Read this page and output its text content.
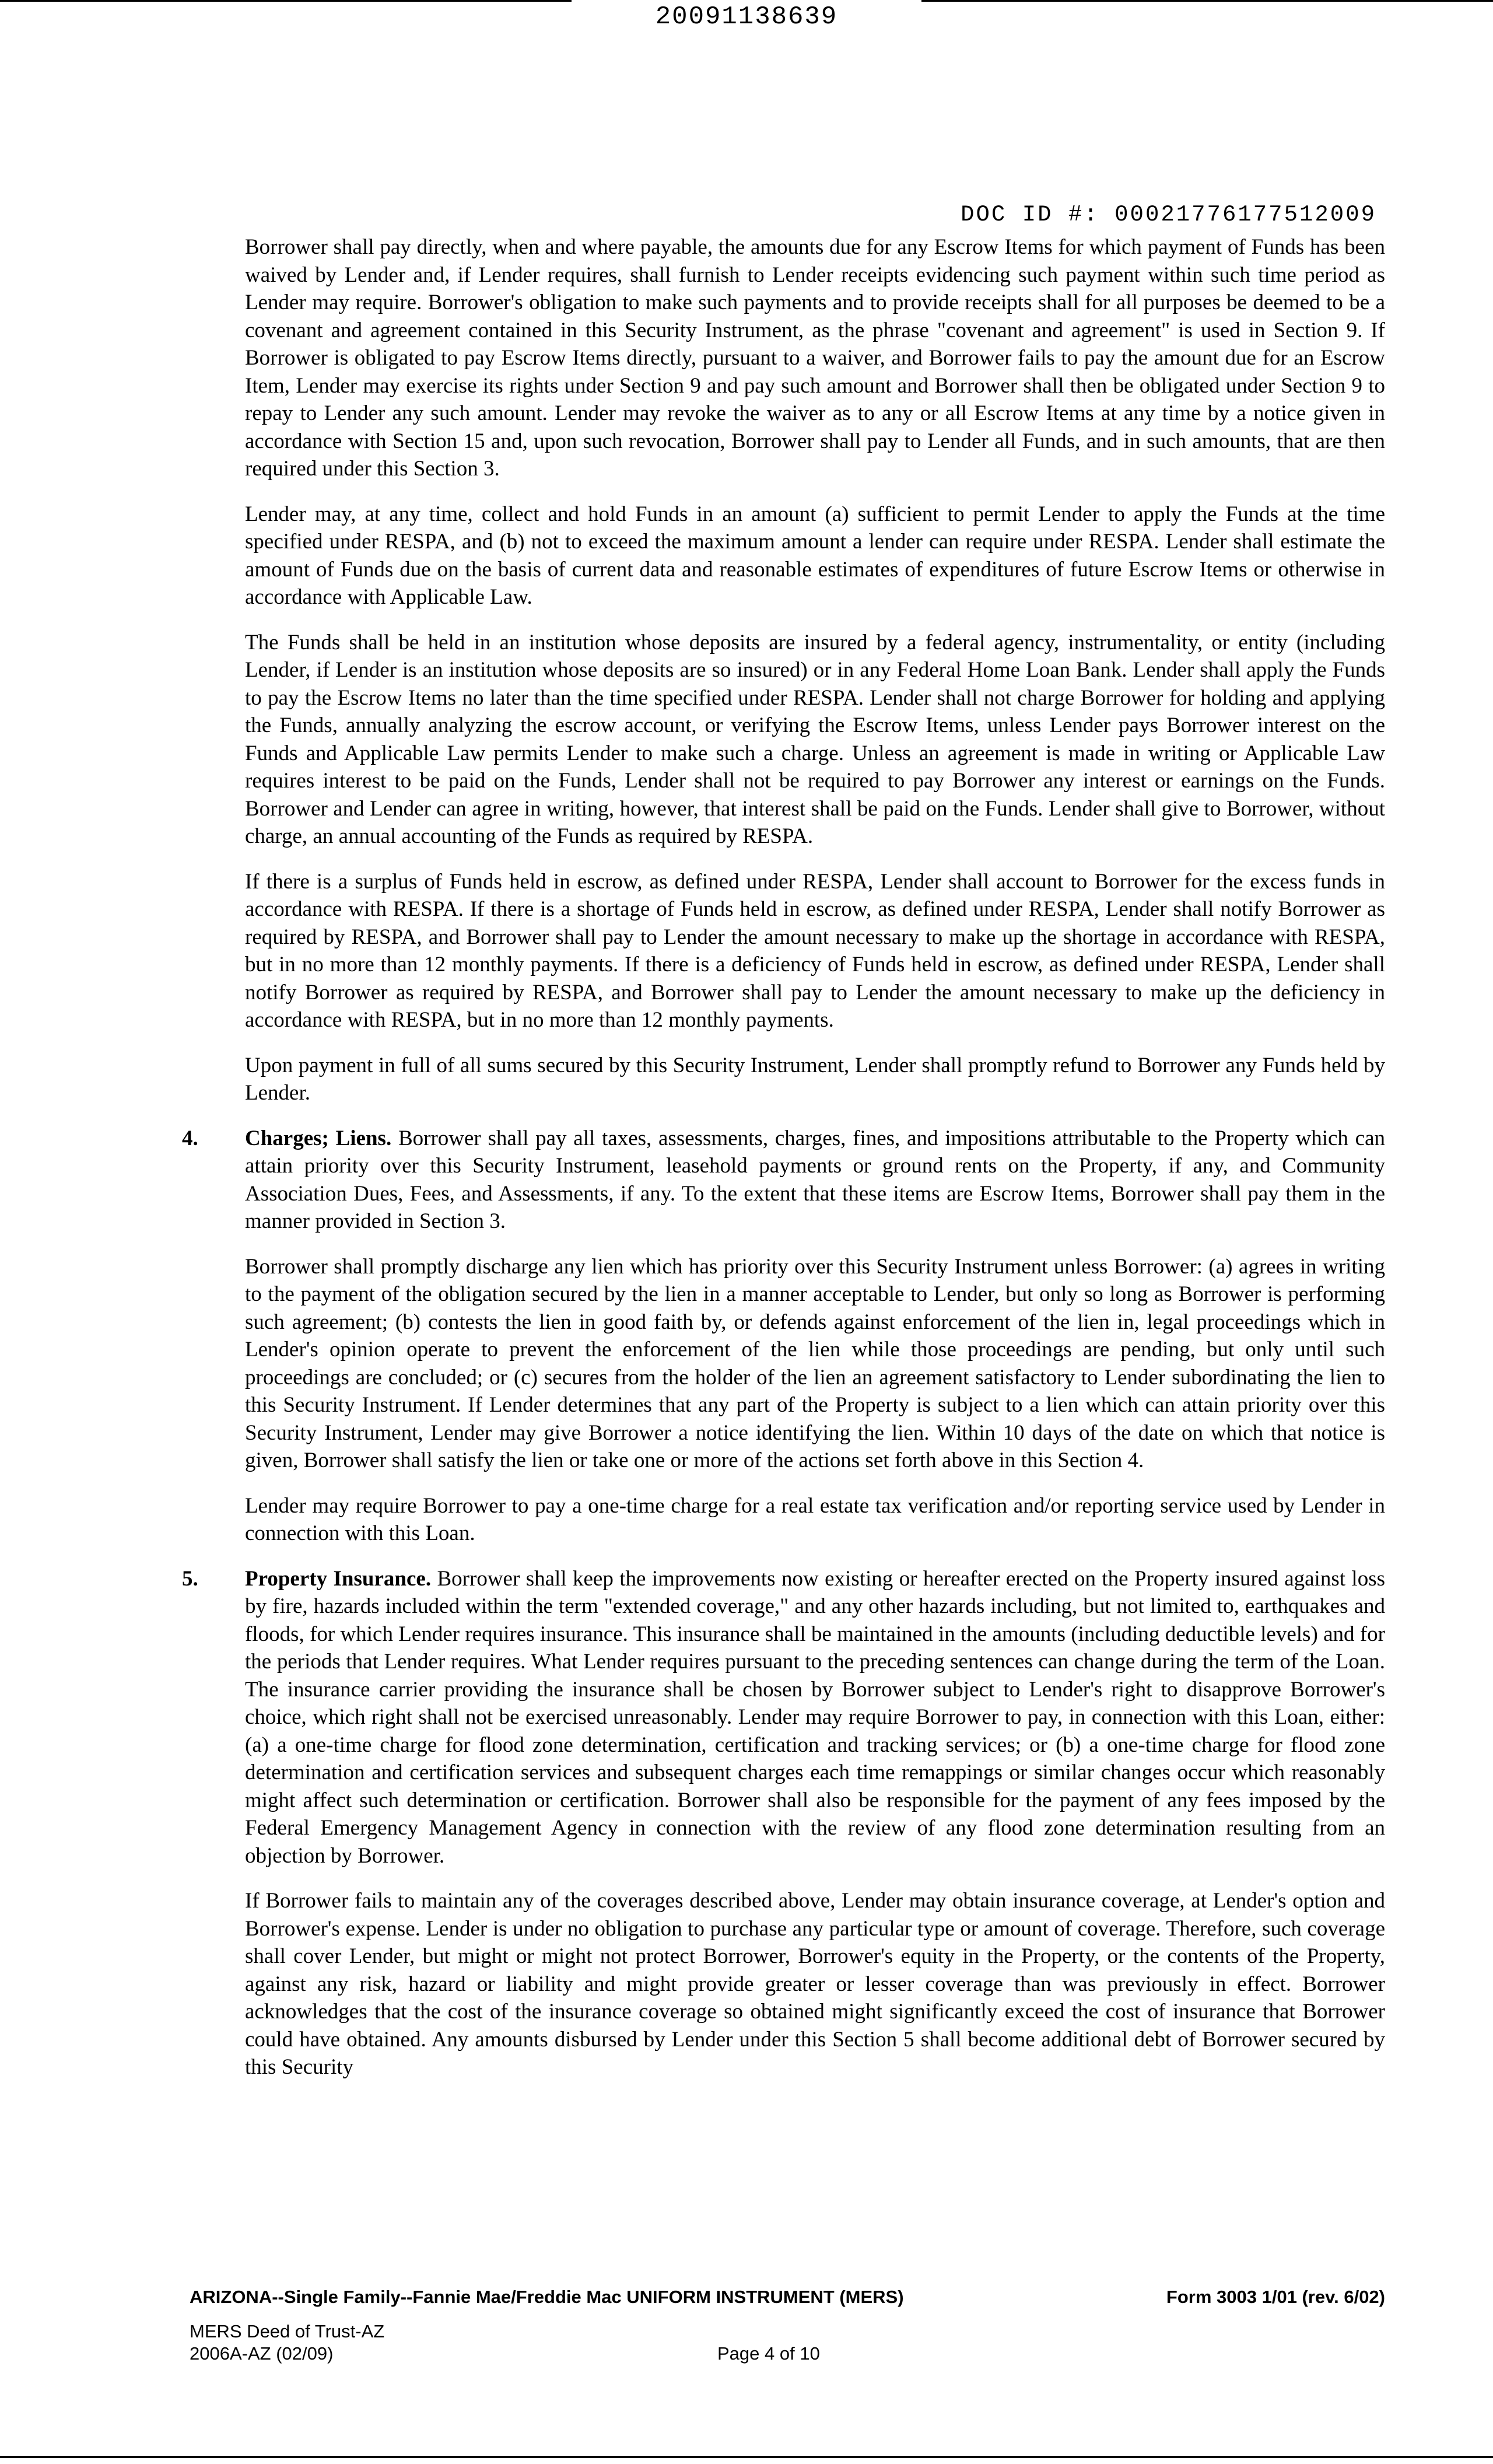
20091138639
DOC ID #: 00021776177512009

Borrower shall pay directly, when and where payable, the amounts due for any Escrow Items for which payment of Funds has been waived by Lender and, if Lender requires, shall furnish to Lender receipts evidencing such payment within such time period as Lender may require. Borrower's obligation to make such payments and to provide receipts shall for all purposes be deemed to be a covenant and agreement contained in this Security Instrument, as the phrase "covenant and agreement" is used in Section 9. If Borrower is obligated to pay Escrow Items directly, pursuant to a waiver, and Borrower fails to pay the amount due for an Escrow Item, Lender may exercise its rights under Section 9 and pay such amount and Borrower shall then be obligated under Section 9 to repay to Lender any such amount. Lender may revoke the waiver as to any or all Escrow Items at any time by a notice given in accordance with Section 15 and, upon such revocation, Borrower shall pay to Lender all Funds, and in such amounts, that are then required under this Section 3.

Lender may, at any time, collect and hold Funds in an amount (a) sufficient to permit Lender to apply the Funds at the time specified under RESPA, and (b) not to exceed the maximum amount a lender can require under RESPA. Lender shall estimate the amount of Funds due on the basis of current data and reasonable estimates of expenditures of future Escrow Items or otherwise in accordance with Applicable Law.

The Funds shall be held in an institution whose deposits are insured by a federal agency, instrumentality, or entity (including Lender, if Lender is an institution whose deposits are so insured) or in any Federal Home Loan Bank. Lender shall apply the Funds to pay the Escrow Items no later than the time specified under RESPA. Lender shall not charge Borrower for holding and applying the Funds, annually analyzing the escrow account, or verifying the Escrow Items, unless Lender pays Borrower interest on the Funds and Applicable Law permits Lender to make such a charge. Unless an agreement is made in writing or Applicable Law requires interest to be paid on the Funds, Lender shall not be required to pay Borrower any interest or earnings on the Funds. Borrower and Lender can agree in writing, however, that interest shall be paid on the Funds. Lender shall give to Borrower, without charge, an annual accounting of the Funds as required by RESPA.

If there is a surplus of Funds held in escrow, as defined under RESPA, Lender shall account to Borrower for the excess funds in accordance with RESPA. If there is a shortage of Funds held in escrow, as defined under RESPA, Lender shall notify Borrower as required by RESPA, and Borrower shall pay to Lender the amount necessary to make up the shortage in accordance with RESPA, but in no more than 12 monthly payments. If there is a deficiency of Funds held in escrow, as defined under RESPA, Lender shall notify Borrower as required by RESPA, and Borrower shall pay to Lender the amount necessary to make up the deficiency in accordance with RESPA, but in no more than 12 monthly payments.

Upon payment in full of all sums secured by this Security Instrument, Lender shall promptly refund to Borrower any Funds held by Lender.

4. Charges; Liens. Borrower shall pay all taxes, assessments, charges, fines, and impositions attributable to the Property which can attain priority over this Security Instrument, leasehold payments or ground rents on the Property, if any, and Community Association Dues, Fees, and Assessments, if any. To the extent that these items are Escrow Items, Borrower shall pay them in the manner provided in Section 3.

Borrower shall promptly discharge any lien which has priority over this Security Instrument unless Borrower: (a) agrees in writing to the payment of the obligation secured by the lien in a manner acceptable to Lender, but only so long as Borrower is performing such agreement; (b) contests the lien in good faith by, or defends against enforcement of the lien in, legal proceedings which in Lender's opinion operate to prevent the enforcement of the lien while those proceedings are pending, but only until such proceedings are concluded; or (c) secures from the holder of the lien an agreement satisfactory to Lender subordinating the lien to this Security Instrument. If Lender determines that any part of the Property is subject to a lien which can attain priority over this Security Instrument, Lender may give Borrower a notice identifying the lien. Within 10 days of the date on which that notice is given, Borrower shall satisfy the lien or take one or more of the actions set forth above in this Section 4.

Lender may require Borrower to pay a one-time charge for a real estate tax verification and/or reporting service used by Lender in connection with this Loan.

5. Property Insurance. Borrower shall keep the improvements now existing or hereafter erected on the Property insured against loss by fire, hazards included within the term "extended coverage," and any other hazards including, but not limited to, earthquakes and floods, for which Lender requires insurance. This insurance shall be maintained in the amounts (including deductible levels) and for the periods that Lender requires. What Lender requires pursuant to the preceding sentences can change during the term of the Loan. The insurance carrier providing the insurance shall be chosen by Borrower subject to Lender's right to disapprove Borrower's choice, which right shall not be exercised unreasonably. Lender may require Borrower to pay, in connection with this Loan, either: (a) a one-time charge for flood zone determination, certification and tracking services; or (b) a one-time charge for flood zone determination and certification services and subsequent charges each time remappings or similar changes occur which reasonably might affect such determination or certification. Borrower shall also be responsible for the payment of any fees imposed by the Federal Emergency Management Agency in connection with the review of any flood zone determination resulting from an objection by Borrower.

If Borrower fails to maintain any of the coverages described above, Lender may obtain insurance coverage, at Lender's option and Borrower's expense. Lender is under no obligation to purchase any particular type or amount of coverage. Therefore, such coverage shall cover Lender, but might or might not protect Borrower, Borrower's equity in the Property, or the contents of the Property, against any risk, hazard or liability and might provide greater or lesser coverage than was previously in effect. Borrower acknowledges that the cost of the insurance coverage so obtained might significantly exceed the cost of insurance that Borrower could have obtained. Any amounts disbursed by Lender under this Section 5 shall become additional debt of Borrower secured by this Security

ARIZONA--Single Family--Fannie Mae/Freddie Mac UNIFORM INSTRUMENT (MERS)	Form 3003 1/01 (rev. 6/02)
MERS Deed of Trust-AZ
2006A-AZ (02/09)	Page 4 of 10
